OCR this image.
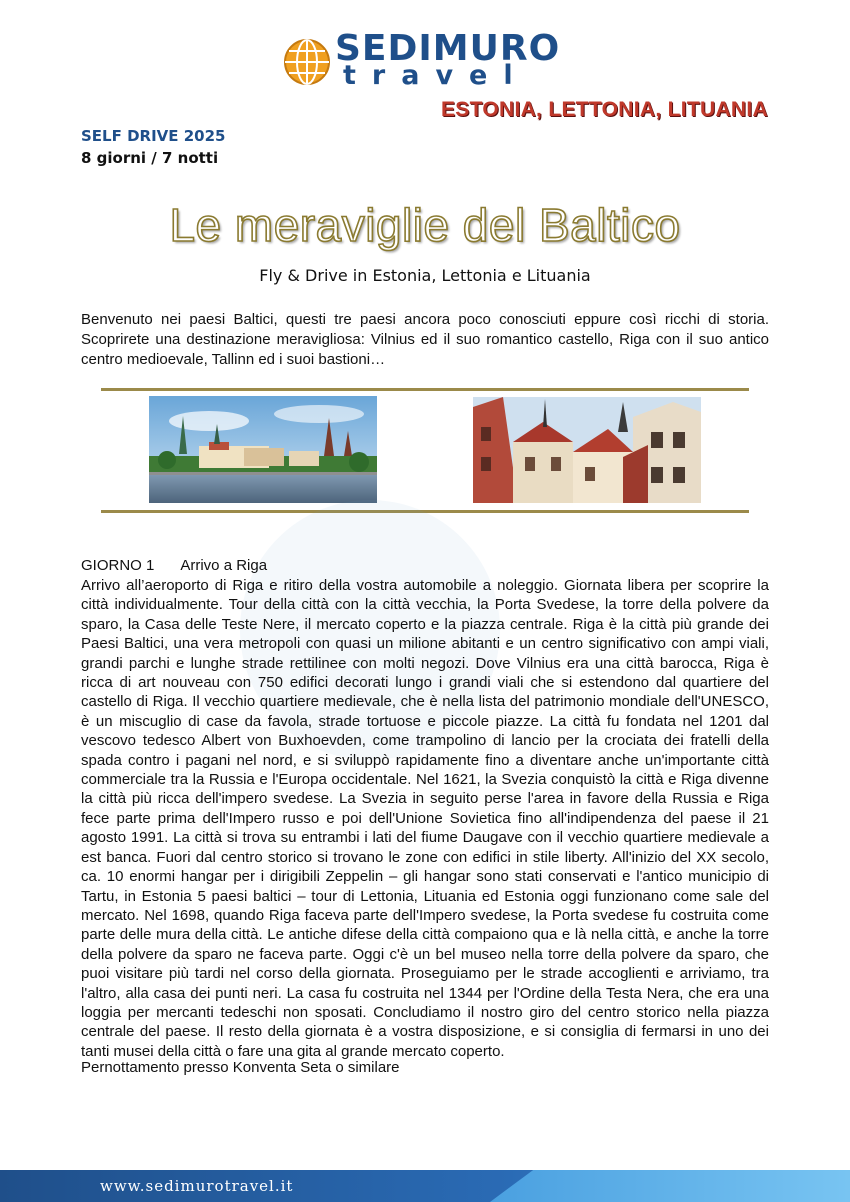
SEDIMURO
travel
ESTONIA, LETTONIA, LITUANIA
SELF DRIVE 2025
8 giorni / 7 notti
Le meraviglie del Baltico
Fly & Drive in Estonia, Lettonia e Lituania
Benvenuto nei paesi Baltici, questi tre paesi ancora poco conosciuti eppure così ricchi di storia. Scoprirete una destinazione meravigliosa: Vilnius ed il suo romantico castello, Riga con il suo antico centro medioevale, Tallinn ed i suoi bastioni…
GIORNO 1 Arrivo a Riga
Arrivo all’aeroporto di Riga e ritiro della vostra automobile a noleggio. Giornata libera per scoprire la città individualmente. Tour della città con la città vecchia, la Porta Svedese, la torre della polvere da sparo, la Casa delle Teste Nere, il mercato coperto e la piazza centrale. Riga è la città più grande dei Paesi Baltici, una vera metropoli con quasi un milione abitanti e un centro significativo con ampi viali, grandi parchi e lunghe strade rettilinee con molti negozi. Dove Vilnius era una città barocca, Riga è ricca di art nouveau con 750 edifici decorati lungo i grandi viali che si estendono dal quartiere del castello di Riga. Il vecchio quartiere medievale, che è nella lista del patrimonio mondiale dell'UNESCO, è un miscuglio di case da favola, strade tortuose e piccole piazze. La città fu fondata nel 1201 dal vescovo tedesco Albert von Buxhoevden, come trampolino di lancio per la crociata dei fratelli della spada contro i pagani nel nord, e si sviluppò rapidamente fino a diventare anche un'importante città commerciale tra la Russia e l'Europa occidentale. Nel 1621, la Svezia conquistò la città e Riga divenne la città più ricca dell'impero svedese. La Svezia in seguito perse l'area in favore della Russia e Riga fece parte prima dell'Impero russo e poi dell'Unione Sovietica fino all'indipendenza del paese il 21 agosto 1991. La città si trova su entrambi i lati del fiume Daugave con il vecchio quartiere medievale a est banca. Fuori dal centro storico si trovano le zone con edifici in stile liberty. All'inizio del XX secolo, ca. 10 enormi hangar per i dirigibili Zeppelin – gli hangar sono stati conservati e l'antico municipio di Tartu, in Estonia 5 paesi baltici – tour di Lettonia, Lituania ed Estonia oggi funzionano come sale del mercato. Nel 1698, quando Riga faceva parte dell'Impero svedese, la Porta svedese fu costruita come parte delle mura della città. Le antiche difese della città compaiono qua e là nella città, e anche la torre della polvere da sparo ne faceva parte. Oggi c'è un bel museo nella torre della polvere da sparo, che puoi visitare più tardi nel corso della giornata. Proseguiamo per le strade accoglienti e arriviamo, tra l'altro, alla casa dei punti neri. La casa fu costruita nel 1344 per l'Ordine della Testa Nera, che era una loggia per mercanti tedeschi non sposati. Concludiamo il nostro giro del centro storico nella piazza centrale del paese. Il resto della giornata è a vostra disposizione, e si consiglia di fermarsi in uno dei tanti musei della città o fare una gita al grande mercato coperto.
Pernottamento presso Konventa Seta o similare
www.sedimurotravel.it
